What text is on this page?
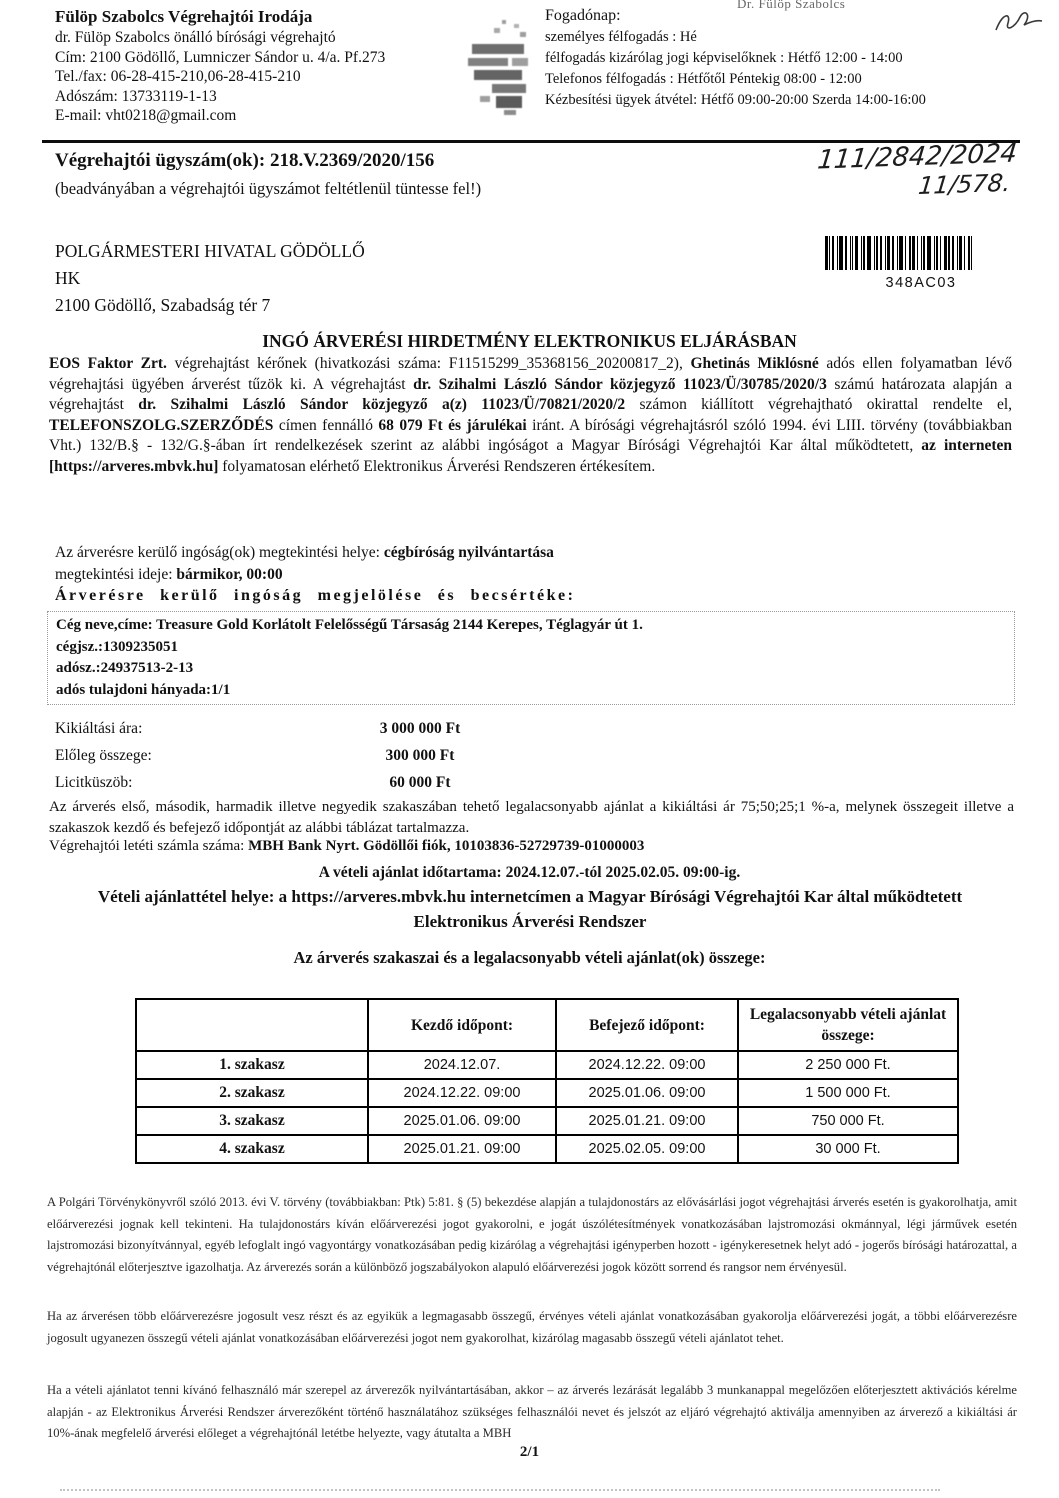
Fülöp Szabolcs Végrehajtói Irodája
dr. Fülöp Szabolcs önálló bírósági végrehajtó
Cím: 2100 Gödöllő, Lumniczer Sándor u. 4/a. Pf.273
Tel./fax: 06-28-415-210,06-28-415-210
Adószám: 13733119-1-13
E-mail: vht0218@gmail.com
Fogadónap:
személyes félfogadás : Hé
félfogadás kizárólag jogi képviselőknek : Hétfő 12:00 - 14:00
Telefonos félfogadás : Hétfőtől Péntekig 08:00 - 12:00
Kézbesítési ügyek átvétel: Hétfő 09:00-20:00 Szerda 14:00-16:00
Dr. Fülöp Szabolcs
Végrehajtói ügyszám(ok): 218.V.2369/2020/156
(beadványában a végrehajtói ügyszámot feltétlenül tüntesse fel!)
111/2842/2024
11/578.
POLGÁRMESTERI HIVATAL GÖDÖLLŐ
HK
2100 Gödöllő, Szabadság tér 7
348AC03
INGÓ ÁRVERÉSI HIRDETMÉNY ELEKTRONIKUS ELJÁRÁSBAN
EOS Faktor Zrt. végrehajtást kérőnek (hivatkozási száma: F11515299_35368156_20200817_2), Ghetinás Miklósné adós ellen folyamatban lévő végrehajtási ügyében árverést tűzök ki. A végrehajtást dr. Szihalmi László Sándor közjegyző 11023/Ü/30785/2020/3 számú határozata alapján a végrehajtást dr. Szihalmi László Sándor közjegyző a(z) 11023/Ü/70821/2020/2 számon kiállított végrehajtható okirattal rendelte el, TELEFONSZOLG.SZERZŐDÉS címen fennálló 68 079 Ft és járulékai iránt. A bírósági végrehajtásról szóló 1994. évi LIII. törvény (továbbiakban Vht.) 132/B.§ - 132/G.§-ában írt rendelkezések szerint az alábbi ingóságot a Magyar Bírósági Végrehajtói Kar által működtetett, az interneten [https://arveres.mbvk.hu] folyamatosan elérhető Elektronikus Árverési Rendszeren értékesítem.
Az árverésre kerülő ingóság(ok) megtekintési helye: cégbíróság nyilvántartása
megtekintési ideje: bármikor, 00:00
Árverésre kerülő ingóság megjelölése és becsértéke:
Cég neve,címe: Treasure Gold Korlátolt Felelősségű Társaság 2144 Kerepes, Téglagyár út 1.
cégjsz.:1309235051
adósz.:24937513-2-13
adós tulajdoni hányada:1/1
Kikiáltási ára:	3 000 000 Ft
Előleg összege:	300 000 Ft
Licitküszöb:	60 000 Ft
Az árverés első, második, harmadik illetve negyedik szakaszában tehető legalacsonyabb ajánlat a kikiáltási ár 75;50;25;1 %-a, melynek összegeit illetve a szakaszok kezdő és befejező időpontját az alábbi táblázat tartalmazza.
Végrehajtói letéti számla száma: MBH Bank Nyrt. Gödöllői fiók, 10103836-52729739-01000003
A vételi ajánlat időtartama: 2024.12.07.-tól 2025.02.05. 09:00-ig.
Vételi ajánlattétel helye: a https://arveres.mbvk.hu internetcímen a Magyar Bírósági Végrehajtói Kar által működtetett Elektronikus Árverési Rendszer
Az árverés szakaszai és a legalacsonyabb vételi ajánlat(ok) összege:
	Kezdő időpont:	Befejező időpont:	Legalacsonyabb vételi ajánlat összege:
1. szakasz	2024.12.07.	2024.12.22. 09:00	2 250 000 Ft.
2. szakasz	2024.12.22. 09:00	2025.01.06. 09:00	1 500 000 Ft.
3. szakasz	2025.01.06. 09:00	2025.01.21. 09:00	750 000 Ft.
4. szakasz	2025.01.21. 09:00	2025.02.05. 09:00	30 000 Ft.
A Polgári Törvénykönyvről szóló 2013. évi V. törvény (továbbiakban: Ptk) 5:81. § (5) bekezdése alapján a tulajdonostárs az elővásárlási jogot végrehajtási árverés esetén is gyakorolhatja, amit előárverezési jognak kell tekinteni. Ha tulajdonostárs kíván előárverezési jogot gyakorolni, e jogát úszólétesítmények vonatkozásában lajstromozási okmánnyal, légi járművek esetén lajstromozási bizonyítvánnyal, egyéb lefoglalt ingó vagyontárgy vonatkozásában pedig kizárólag a végrehajtási igényperben hozott - igénykeresetnek helyt adó - jogerős bírósági határozattal, a végrehajtónál előterjesztve igazolhatja. Az árverezés során a különböző jogszabályokon alapuló előárverezési jogok között sorrend és rangsor nem érvényesül.
Ha az árverésen több előárverezésre jogosult vesz részt és az egyikük a legmagasabb összegű, érvényes vételi ajánlat vonatkozásában gyakorolja előárverezési jogát, a többi előárverezésre jogosult ugyanezen összegű vételi ajánlat vonatkozásában előárverezési jogot nem gyakorolhat, kizárólag magasabb összegű vételi ajánlatot tehet.
Ha a vételi ajánlatot tenni kívánó felhasználó már szerepel az árverezők nyilvántartásában, akkor – az árverés lezárását legalább 3 munkanappal megelőzően előterjesztett aktivációs kérelme alapján - az Elektronikus Árverési Rendszer árverezőként történő használatához szükséges felhasználói nevet és jelszót az eljáró végrehajtó aktiválja amennyiben az árverező a kikiáltási ár 10%-ának megfelelő árverési előleget a végrehajtónál letétbe helyezte, vagy átutalta a MBH
2/1
